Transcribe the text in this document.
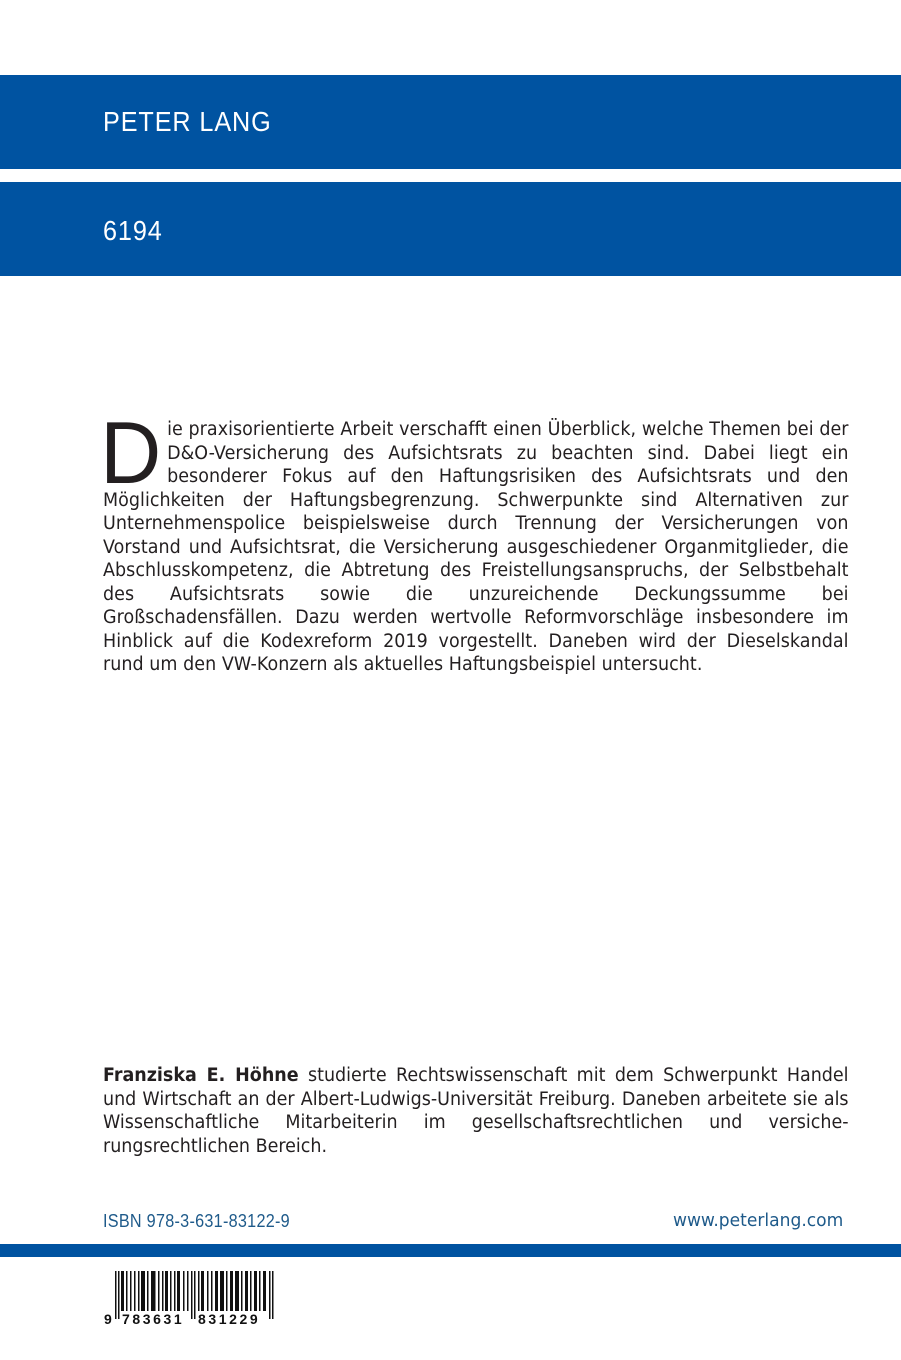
PETER LANG
6194

Die praxisorientierte Arbeit verschafft einen Überblick, welche Themen bei der D&O-Versicherung des Aufsichtsrats zu beachten sind. Dabei liegt ein besonderer Fokus auf den Haftungsrisiken des Aufsichtsrats und den Möglichkeiten der Haftungsbegrenzung. Schwerpunkte sind Alternativen zur Unternehmenspolice beispielsweise durch Trennung der Versicherungen von Vorstand und Aufsichtsrat, die Versicherung ausgeschiedener Organmitglieder, die Abschlusskompetenz, die Abtretung des Freistellungsanspruchs, der Selbstbehalt des Aufsichtsrats sowie die unzureichende Deckungssumme bei Großschadensfällen. Dazu werden wertvolle Reformvorschläge insbesondere im Hinblick auf die Kodexreform 2019 vorgestellt. Daneben wird der Dieselskandal rund um den VW-Konzern als aktuelles Haftungsbeispiel untersucht.

Franziska E. Höhne studierte Rechtswissenschaft mit dem Schwerpunkt Handel und Wirtschaft an der Albert-Ludwigs-Universität Freiburg. Daneben arbeitete sie als Wissenschaftliche Mitarbeiterin im gesellschaftsrechtlichen und versicherungsrechtlichen Bereich.

ISBN 978-3-631-83122-9	www.peterlang.com
9 783631 831229
